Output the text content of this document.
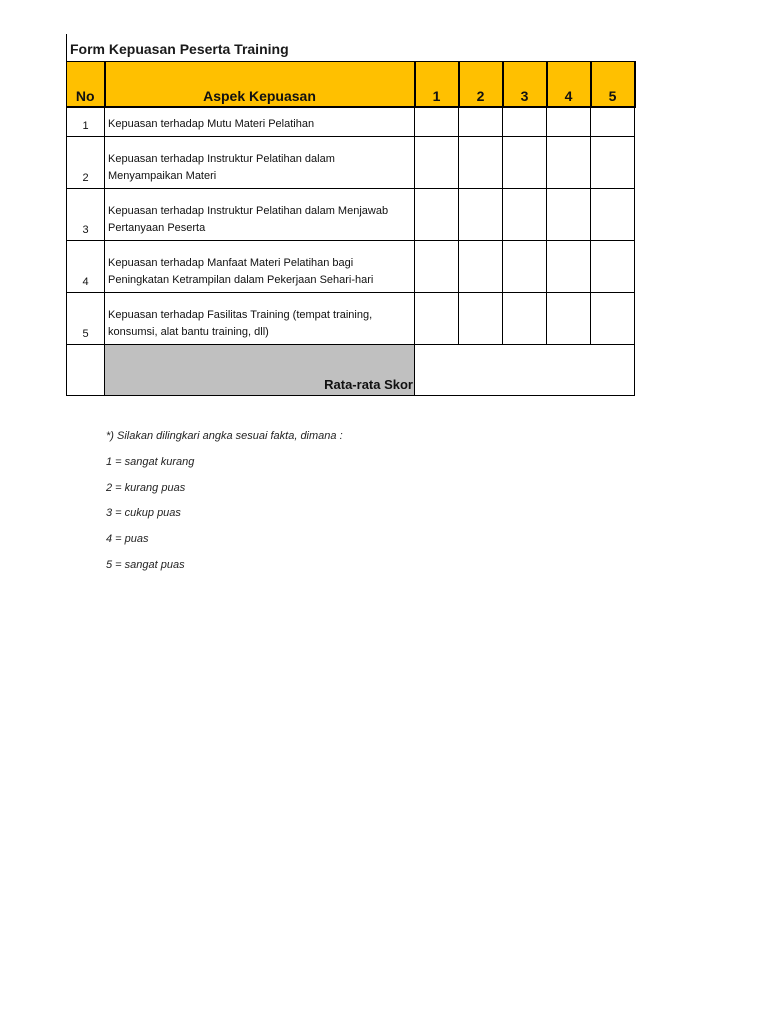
Form Kepuasan Peserta Training
No	Aspek Kepuasan	1	2	3	4	5
1	Kepuasan terhadap Mutu Materi Pelatihan					
2	Kepuasan terhadap Instruktur Pelatihan dalam Menyampaikan Materi					
3	Kepuasan terhadap Instruktur Pelatihan dalam Menjawab Pertanyaan Peserta					
4	Kepuasan terhadap Manfaat Materi Pelatihan bagi Peningkatan Ketrampilan dalam Pekerjaan Sehari-hari					
5	Kepuasan terhadap Fasilitas Training (tempat training, konsumsi, alat bantu training, dll)					
	Rata-rata Skor					
*) Silakan dilingkari angka sesuai fakta, dimana :
1 = sangat kurang
2 = kurang puas
3 = cukup puas
4 = puas
5 = sangat puas
